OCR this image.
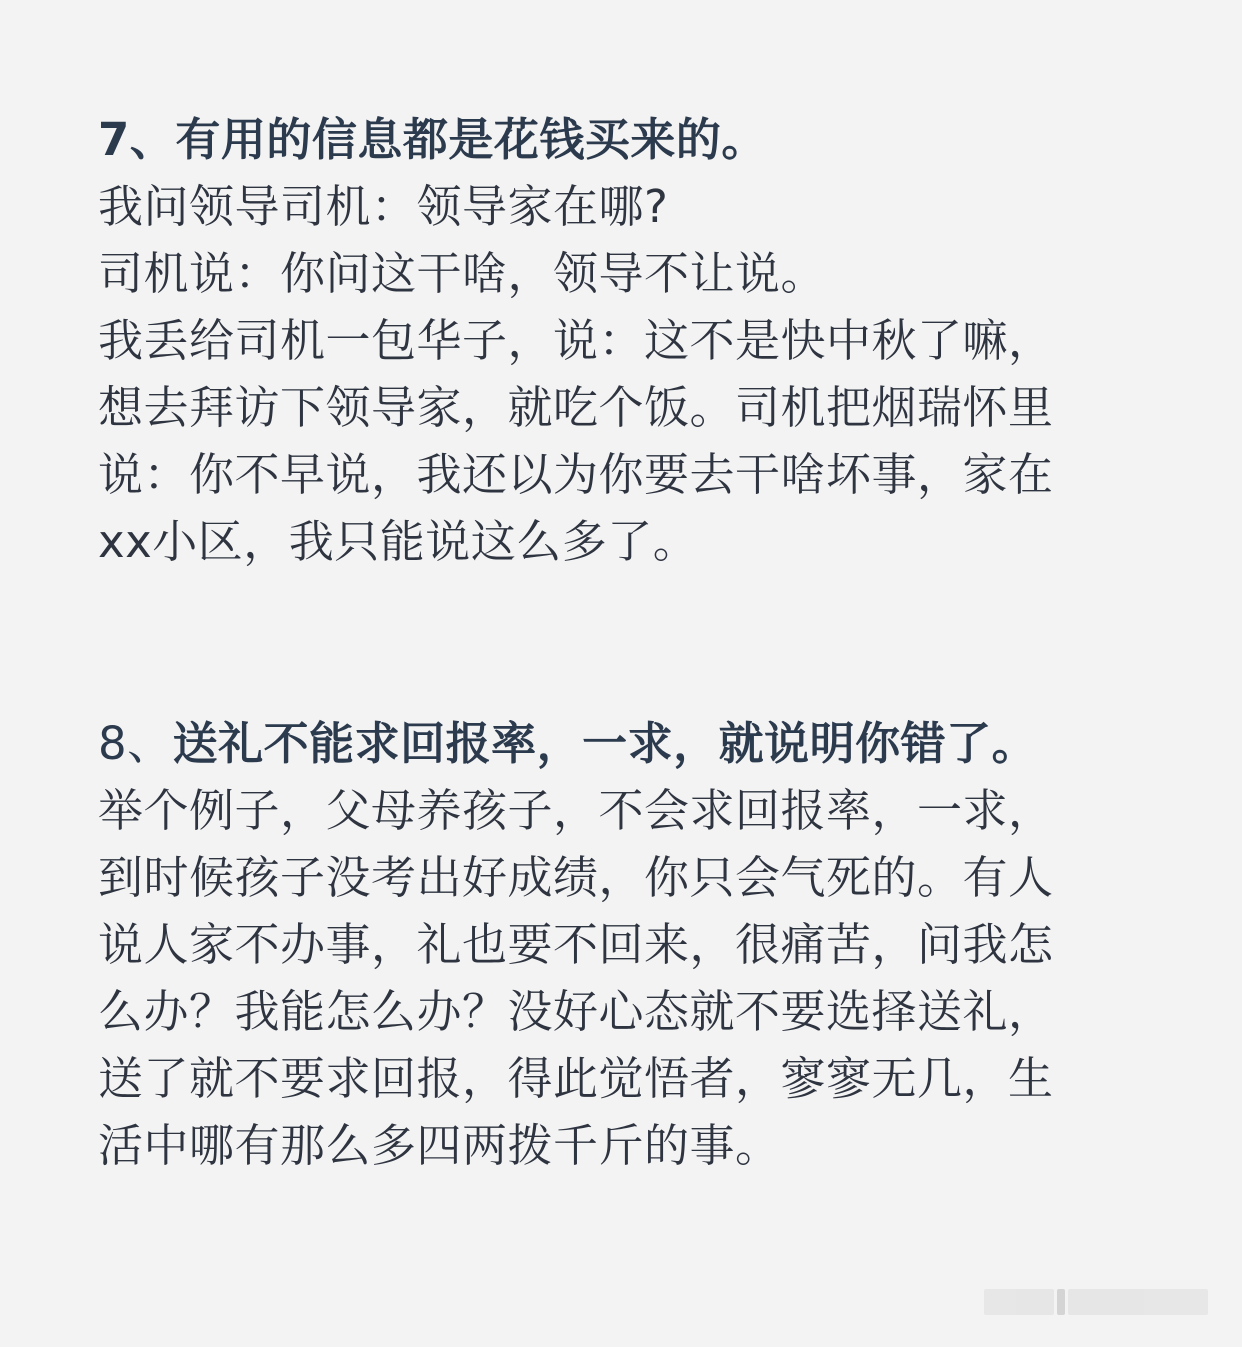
7、有用的信息都是花钱买来的。
我问领导司机：领导家在哪?
司机说：你问这干啥，领导不让说。
我丢给司机一包华子，说：这不是快中秋了嘛，
想去拜访下领导家，就吃个饭。司机把烟瑞怀里
说：你不早说，我还以为你要去干啥坏事，家在
xx小区，我只能说这么多了。
8、送礼不能求回报率，一求，就说明你错了。
举个例子，父母养孩子，不会求回报率，一求，
到时候孩子没考出好成绩，你只会气死的。有人
说人家不办事，礼也要不回来，很痛苦，问我怎
么办？我能怎么办？没好心态就不要选择送礼，
送了就不要求回报，得此觉悟者，寥寥无几，生
活中哪有那么多四两拨千斤的事。
